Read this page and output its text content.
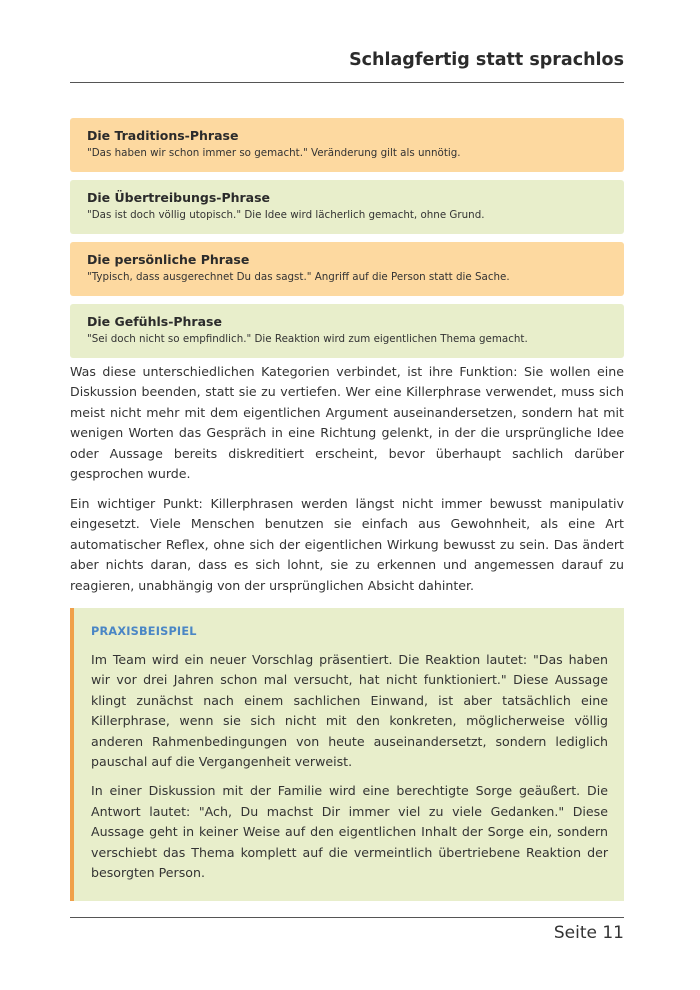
Schlagfertig statt sprachlos
Die Traditions-Phrase
"Das haben wir schon immer so gemacht." Veränderung gilt als unnötig.
Die Übertreibungs-Phrase
"Das ist doch völlig utopisch." Die Idee wird lächerlich gemacht, ohne Grund.
Die persönliche Phrase
"Typisch, dass ausgerechnet Du das sagst." Angriff auf die Person statt die Sache.
Die Gefühls-Phrase
"Sei doch nicht so empfindlich." Die Reaktion wird zum eigentlichen Thema gemacht.

Was diese unterschiedlichen Kategorien verbindet, ist ihre Funktion: Sie wollen eine Diskussion beenden, statt sie zu vertiefen. Wer eine Killerphrase verwendet, muss sich meist nicht mehr mit dem eigentlichen Argument auseinandersetzen, sondern hat mit wenigen Worten das Gespräch in eine Richtung gelenkt, in der die ursprüngliche Idee oder Aussage bereits diskreditiert erscheint, bevor überhaupt sachlich darüber gesprochen wurde.

Ein wichtiger Punkt: Killerphrasen werden längst nicht immer bewusst manipulativ eingesetzt. Viele Menschen benutzen sie einfach aus Gewohnheit, als eine Art automatischer Reflex, ohne sich der eigentlichen Wirkung bewusst zu sein. Das ändert aber nichts daran, dass es sich lohnt, sie zu erkennen und angemessen darauf zu reagieren, unabhängig von der ursprünglichen Absicht dahinter.

PRAXISBEISPIEL

Im Team wird ein neuer Vorschlag präsentiert. Die Reaktion lautet: "Das haben wir vor drei Jahren schon mal versucht, hat nicht funktioniert." Diese Aussage klingt zunächst nach einem sachlichen Einwand, ist aber tatsächlich eine Killerphrase, wenn sie sich nicht mit den konkreten, möglicherweise völlig anderen Rahmenbedingungen von heute auseinandersetzt, sondern lediglich pauschal auf die Vergangenheit verweist.

In einer Diskussion mit der Familie wird eine berechtigte Sorge geäußert. Die Antwort lautet: "Ach, Du machst Dir immer viel zu viele Gedanken." Diese Aussage geht in keiner Weise auf den eigentlichen Inhalt der Sorge ein, sondern verschiebt das Thema komplett auf die vermeintlich übertriebene Reaktion der besorgten Person.

Seite 11
